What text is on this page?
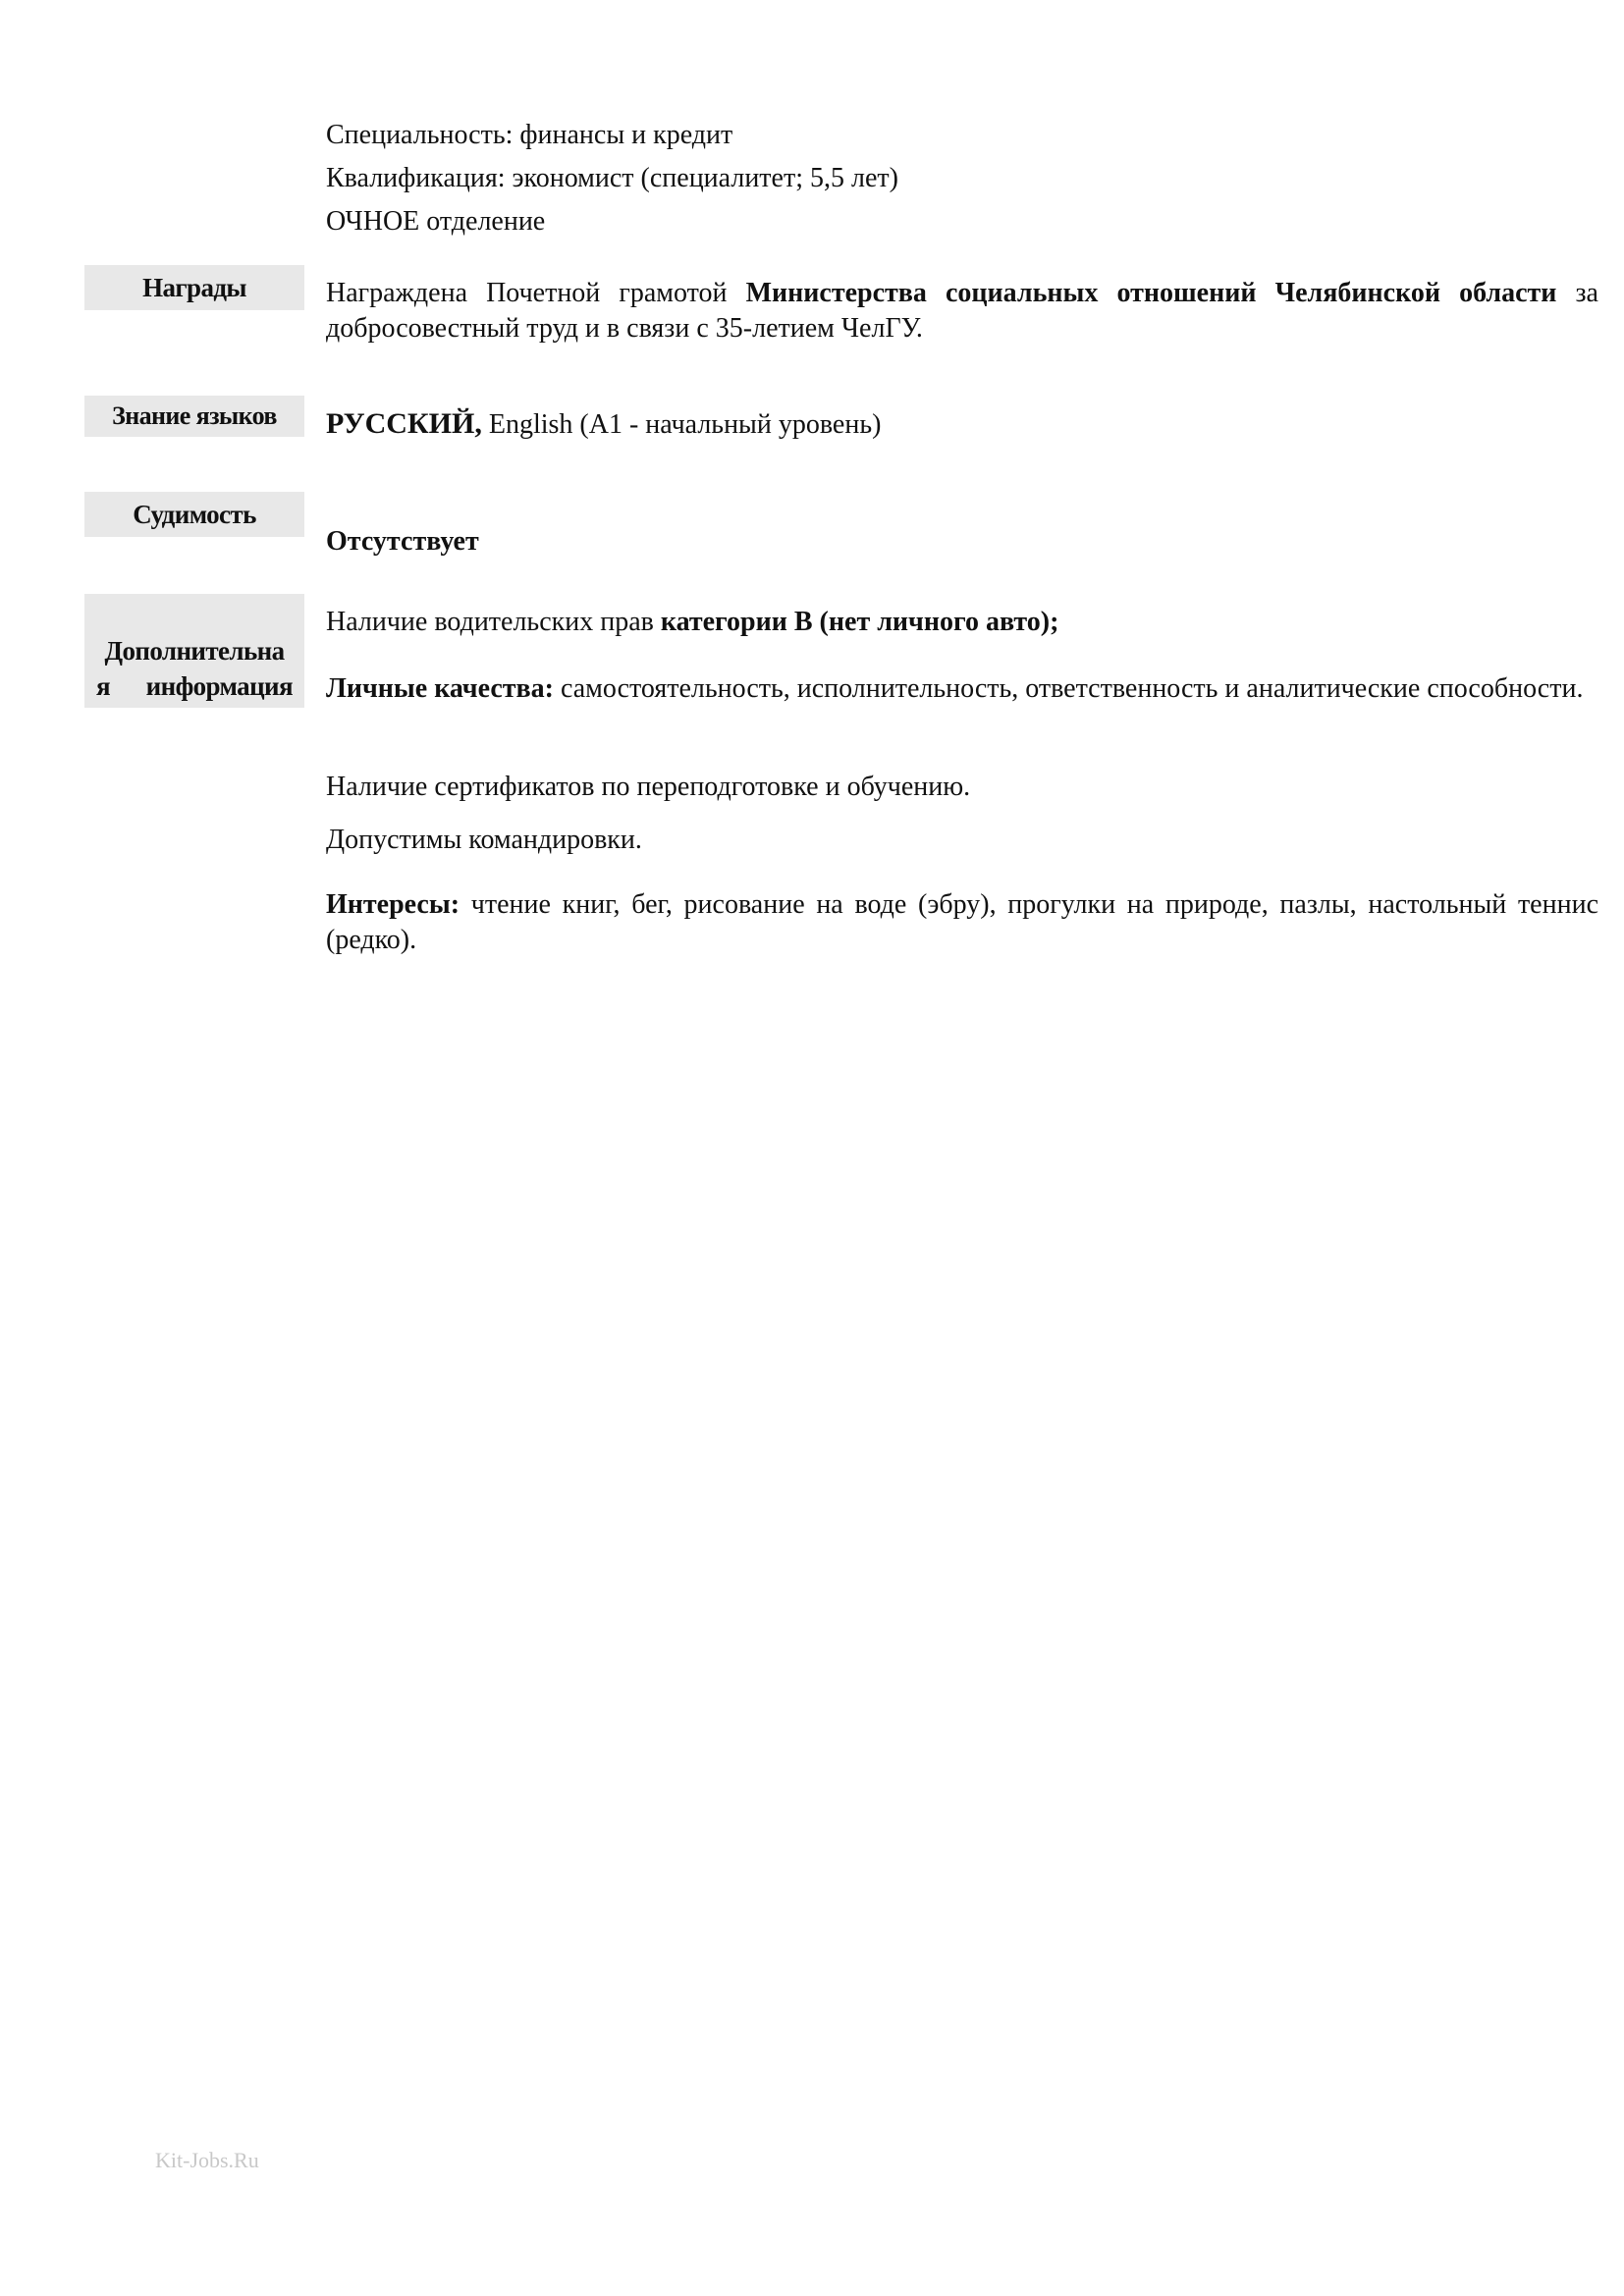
Специальность: финансы и кредит
Квалификация: экономист (специалитет; 5,5 лет)
ОЧНОЕ отделение
Награды	Награждена Почетной грамотой Министерства социальных отношений Челябинской области за добросовестный труд и в связи с 35-летием ЧелГУ.
Знание языков	РУССКИЙ, English (А1 - начальный уровень)
Судимость
Отсутствует
Дополнительна
я информация
Наличие водительских прав категории В (нет личного авто);
Личные качества: самостоятельность, исполнительность, ответственность и аналитические способности.
Наличие сертификатов по переподготовке и обучению.
Допустимы командировки.
Интересы: чтение книг, бег, рисование на воде (эбру), прогулки на природе, пазлы, настольный теннис (редко).
Kit-Jobs.Ru
